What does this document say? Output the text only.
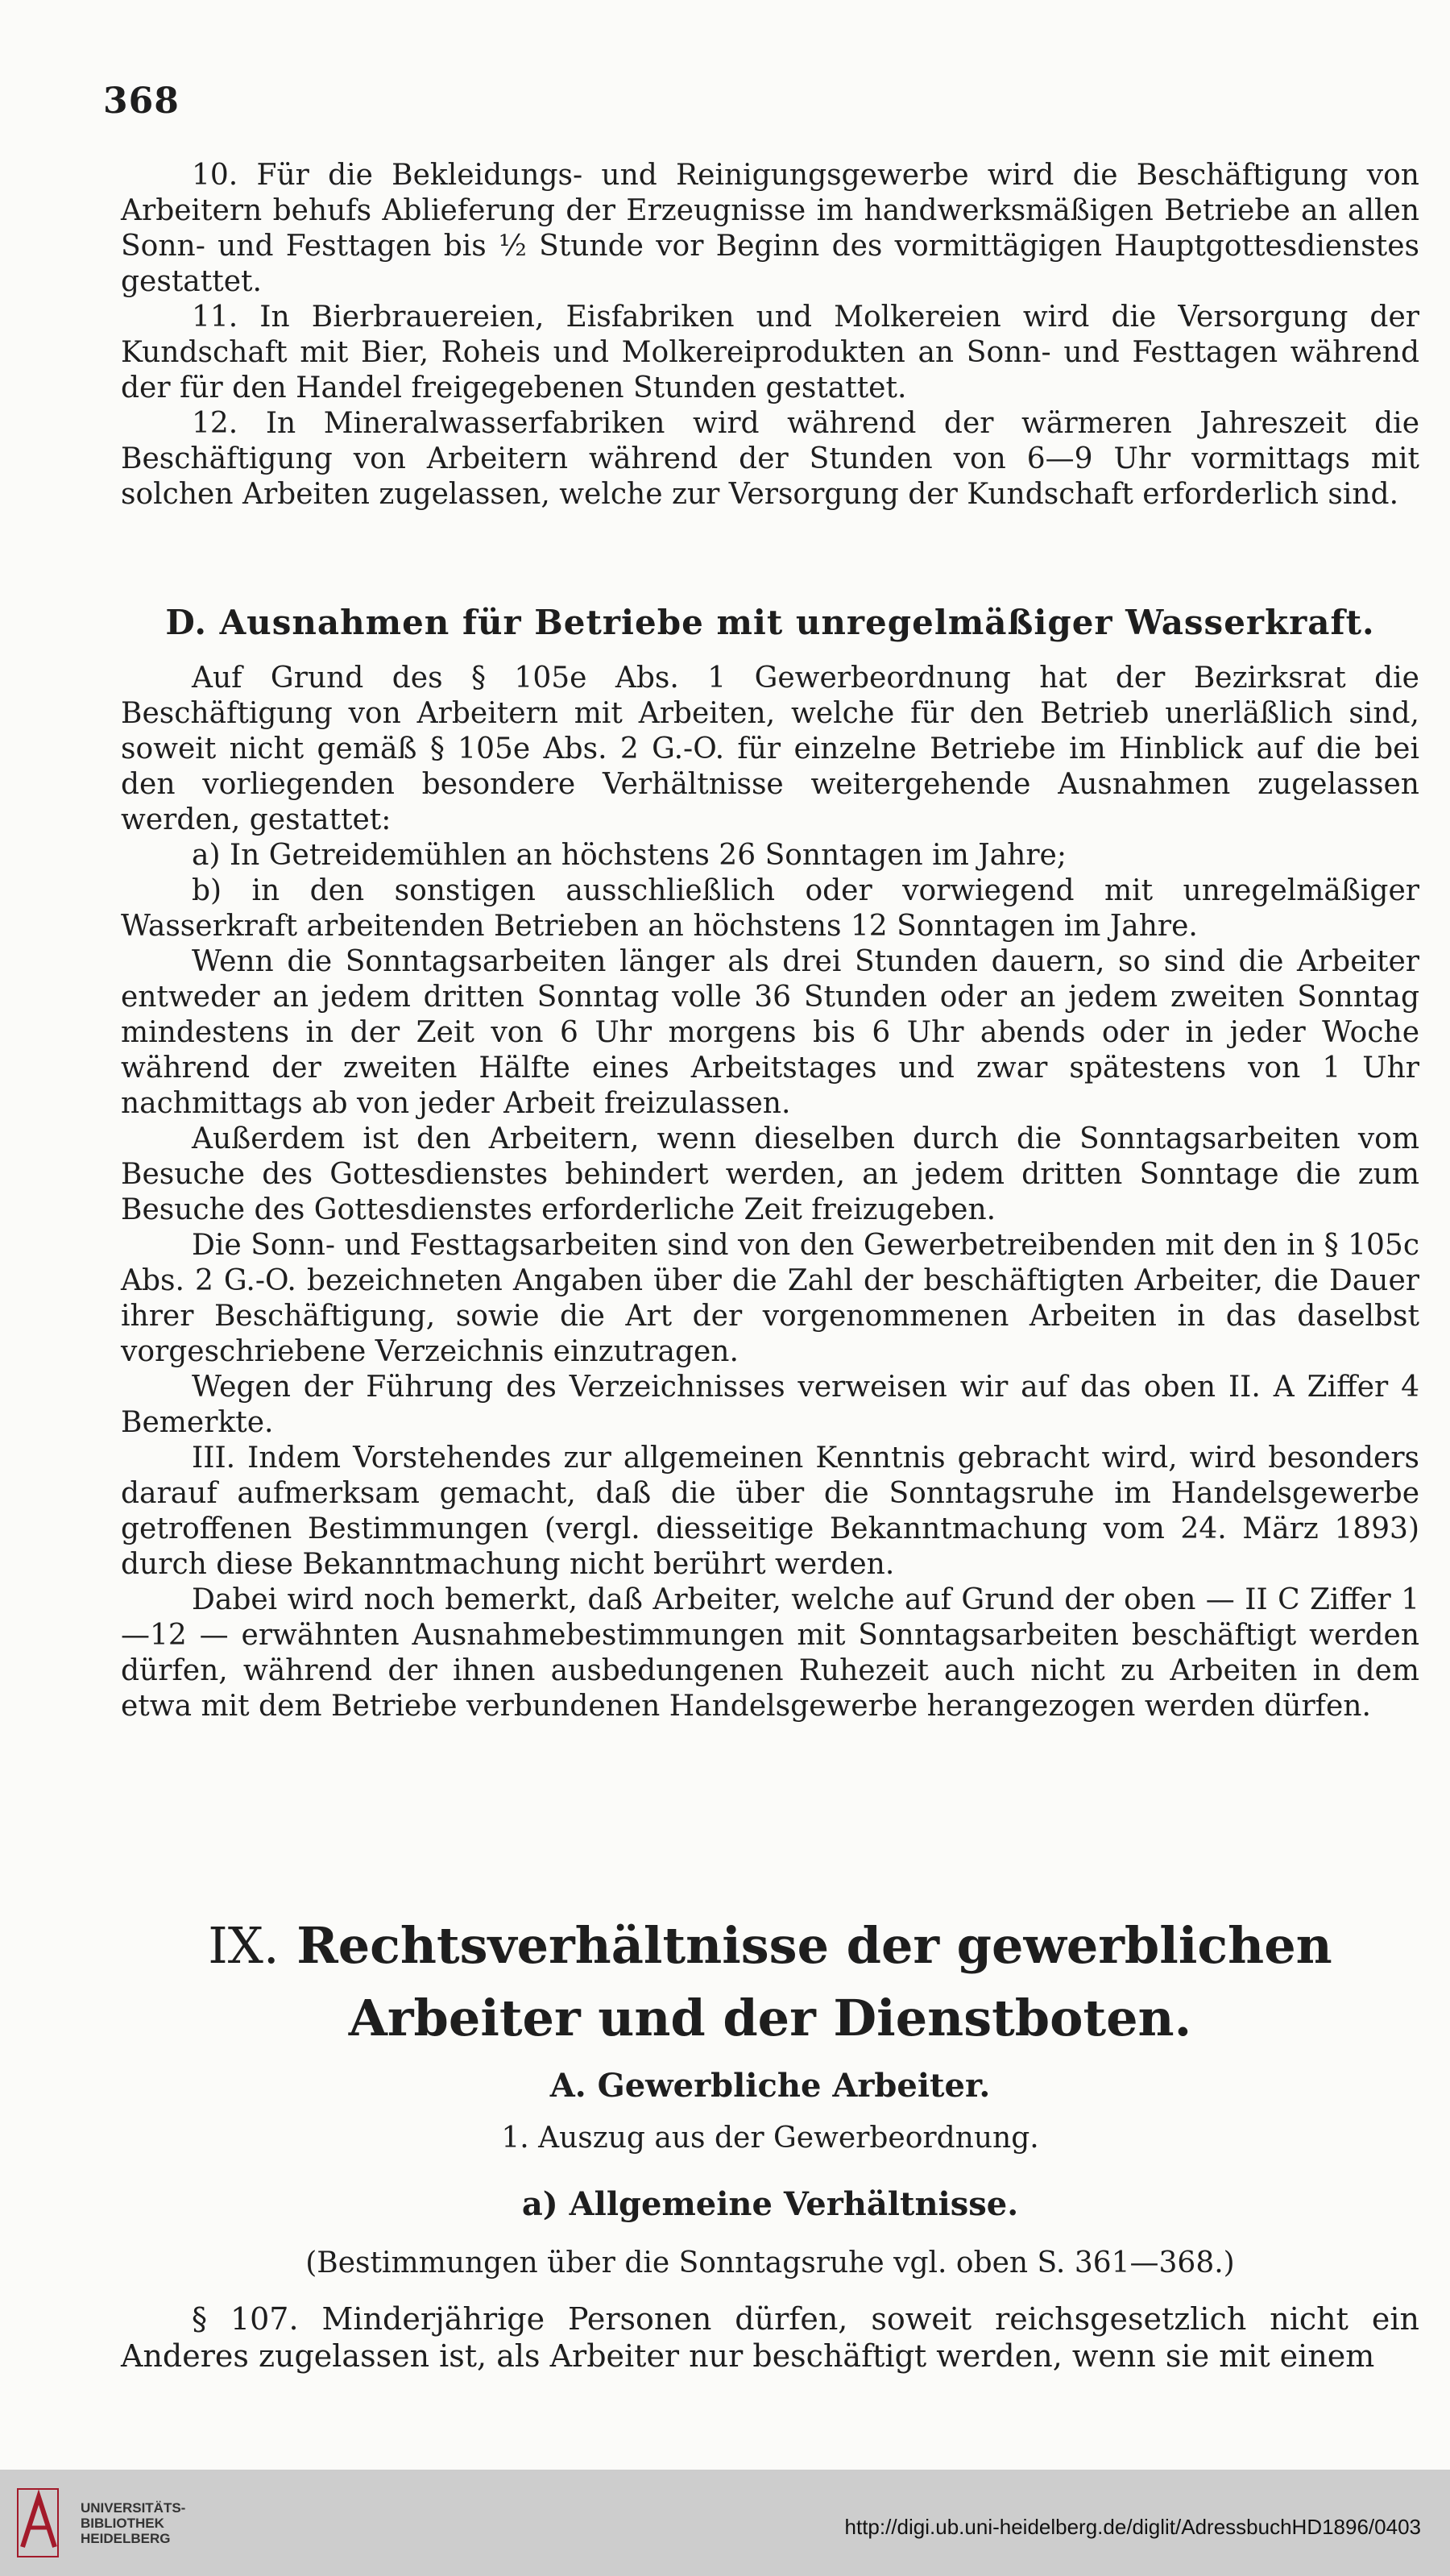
368

10. Für die Bekleidungs- und Reinigungsgewerbe wird die Beschäftigung von Arbeitern behufs Ablieferung der Erzeugnisse im handwerksmäßigen Betriebe an allen Sonn- und Festtagen bis ½ Stunde vor Beginn des vormittägigen Hauptgottesdienstes gestattet.

11. In Bierbrauereien, Eisfabriken und Molkereien wird die Versorgung der Kundschaft mit Bier, Roheis und Molkereiprodukten an Sonn- und Festtagen während der für den Handel freigegebenen Stunden gestattet.

12. In Mineralwasserfabriken wird während der wärmeren Jahreszeit die Beschäftigung von Arbeitern während der Stunden von 6—9 Uhr vormittags mit solchen Arbeiten zugelassen, welche zur Versorgung der Kundschaft erforderlich sind.

D. Ausnahmen für Betriebe mit unregelmäßiger Wasserkraft.

Auf Grund des § 105e Abs. 1 Gewerbeordnung hat der Bezirksrat die Beschäftigung von Arbeitern mit Arbeiten, welche für den Betrieb unerläßlich sind, soweit nicht gemäß § 105e Abs. 2 G.-O. für einzelne Betriebe im Hinblick auf die bei den vorliegenden besondere Verhältnisse weitergehende Ausnahmen zugelassen werden, gestattet:

a) In Getreidemühlen an höchstens 26 Sonntagen im Jahre;

b) in den sonstigen ausschließlich oder vorwiegend mit unregelmäßiger Wasserkraft arbeitenden Betrieben an höchstens 12 Sonntagen im Jahre.

Wenn die Sonntagsarbeiten länger als drei Stunden dauern, so sind die Arbeiter entweder an jedem dritten Sonntag volle 36 Stunden oder an jedem zweiten Sonntag mindestens in der Zeit von 6 Uhr morgens bis 6 Uhr abends oder in jeder Woche während der zweiten Hälfte eines Arbeitstages und zwar spätestens von 1 Uhr nachmittags ab von jeder Arbeit freizulassen.

Außerdem ist den Arbeitern, wenn dieselben durch die Sonntagsarbeiten vom Besuche des Gottesdienstes behindert werden, an jedem dritten Sonntage die zum Besuche des Gottesdienstes erforderliche Zeit freizugeben.

Die Sonn- und Festtagsarbeiten sind von den Gewerbetreibenden mit den in § 105c Abs. 2 G.-O. bezeichneten Angaben über die Zahl der beschäftigten Arbeiter, die Dauer ihrer Beschäftigung, sowie die Art der vorgenommenen Arbeiten in das daselbst vorgeschriebene Verzeichnis einzutragen.

Wegen der Führung des Verzeichnisses verweisen wir auf das oben II. A Ziffer 4 Bemerkte.

III. Indem Vorstehendes zur allgemeinen Kenntnis gebracht wird, wird besonders darauf aufmerksam gemacht, daß die über die Sonntagsruhe im Handelsgewerbe getroffenen Bestimmungen (vergl. diesseitige Bekanntmachung vom 24. März 1893) durch diese Bekanntmachung nicht berührt werden.

Dabei wird noch bemerkt, daß Arbeiter, welche auf Grund der oben — II C Ziffer 1—12 — erwähnten Ausnahmebestimmungen mit Sonntagsarbeiten beschäftigt werden dürfen, während der ihnen ausbedungenen Ruhezeit auch nicht zu Arbeiten in dem etwa mit dem Betriebe verbundenen Handelsgewerbe herangezogen werden dürfen.

IX. Rechtsverhältnisse der gewerblichen Arbeiter und der Dienstboten.
A. Gewerbliche Arbeiter.
1. Auszug aus der Gewerbeordnung.
a) Allgemeine Verhältnisse.
(Bestimmungen über die Sonntagsruhe vgl. oben S. 361—368.)

§ 107. Minderjährige Personen dürfen, soweit reichsgesetzlich nicht ein Anderes zugelassen ist, als Arbeiter nur beschäftigt werden, wenn sie mit einem

UNIVERSITÄTS-
BIBLIOTHEK
HEIDELBERG	http://digi.ub.uni-heidelberg.de/diglit/AdressbuchHD1896/0403
